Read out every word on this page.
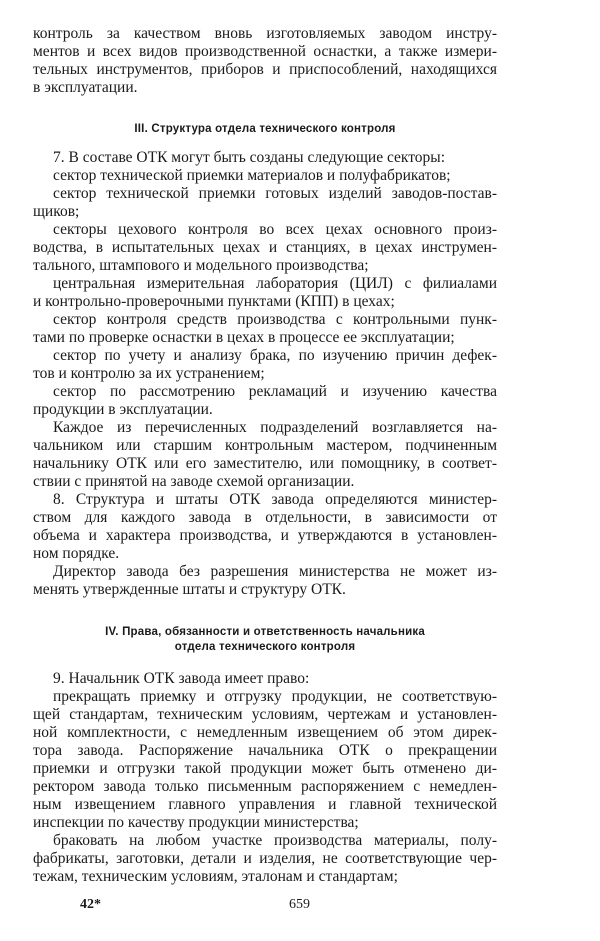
контроль за качеством вновь изготовляемых заводом инстру-
ментов и всех видов производственной оснастки, а также измери-
тельных инструментов, приборов и приспособлений, находящихся
в эксплуатации.
III. Структура отдела технического контроля
7. В составе ОТК могут быть созданы следующие секторы:
сектор технической приемки материалов и полуфабрикатов;
сектор технической приемки готовых изделий заводов-постав-
щиков;
секторы цехового контроля во всех цехах основного произ-
водства, в испытательных цехах и станциях, в цехах инструмен-
тального, штампового и модельного производства;
центральная измерительная лаборатория (ЦИЛ) с филиалами
и контрольно-проверочными пунктами (КПП) в цехах;
сектор контроля средств производства с контрольными пунк-
тами по проверке оснастки в цехах в процессе ее эксплуатации;
сектор по учету и анализу брака, по изучению причин дефек-
тов и контролю за их устранением;
сектор по рассмотрению рекламаций и изучению качества
продукции в эксплуатации.
Каждое из перечисленных подразделений возглавляется на-
чальником или старшим контрольным мастером, подчиненным
начальнику ОТК или его заместителю, или помощнику, в соответ-
ствии с принятой на заводе схемой организации.
8. Структура и штаты ОТК завода определяются министер-
ством для каждого завода в отдельности, в зависимости от
объема и характера производства, и утверждаются в установлен-
ном порядке.
Директор завода без разрешения министерства не может из-
менять утвержденные штаты и структуру ОТК.
IV. Права, обязанности и ответственность начальника
отдела технического контроля
9. Начальник ОТК завода имеет право:
прекращать приемку и отгрузку продукции, не соответствую-
щей стандартам, техническим условиям, чертежам и установлен-
ной комплектности, с немедленным извещением об этом дирек-
тора завода. Распоряжение начальника ОТК о прекращении
приемки и отгрузки такой продукции может быть отменено ди-
ректором завода только письменным распоряжением с немедлен-
ным извещением главного управления и главной технической
инспекции по качеству продукции министерства;
браковать на любом участке производства материалы, полу-
фабрикаты, заготовки, детали и изделия, не соответствующие чер-
тежам, техническим условиям, эталонам и стандартам;
42*	659
